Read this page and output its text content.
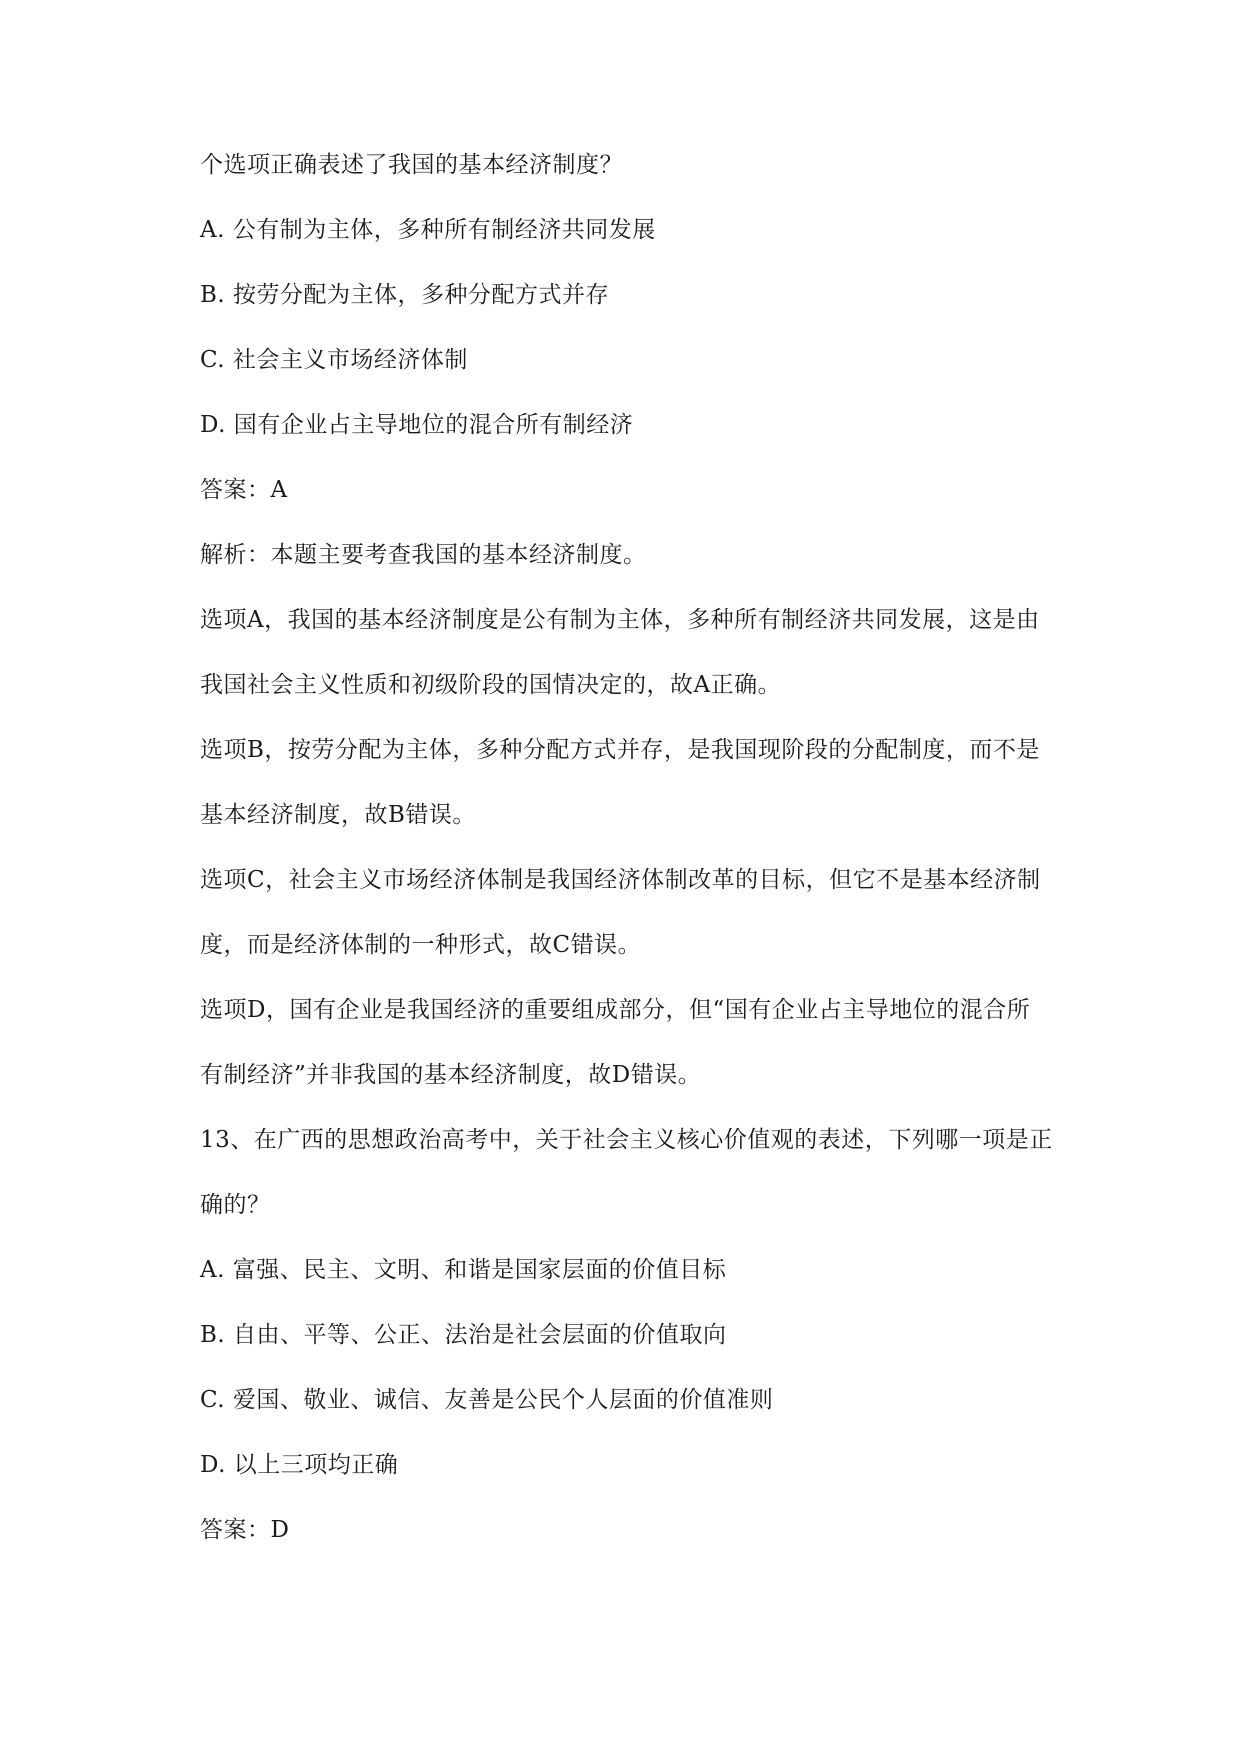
个选项正确表述了我国的基本经济制度？
A. 公有制为主体，多种所有制经济共同发展
B. 按劳分配为主体，多种分配方式并存
C. 社会主义市场经济体制
D. 国有企业占主导地位的混合所有制经济
答案：A
解析：本题主要考查我国的基本经济制度。
选项A，我国的基本经济制度是公有制为主体，多种所有制经济共同发展，这是由
我国社会主义性质和初级阶段的国情决定的，故A正确。
选项B，按劳分配为主体，多种分配方式并存，是我国现阶段的分配制度，而不是
基本经济制度，故B错误。
选项C，社会主义市场经济体制是我国经济体制改革的目标，但它不是基本经济制
度，而是经济体制的一种形式，故C错误。
选项D，国有企业是我国经济的重要组成部分，但“国有企业占主导地位的混合所
有制经济”并非我国的基本经济制度，故D错误。
13、在广西的思想政治高考中，关于社会主义核心价值观的表述，下列哪一项是正
确的？
A. 富强、民主、文明、和谐是国家层面的价值目标
B. 自由、平等、公正、法治是社会层面的价值取向
C. 爱国、敬业、诚信、友善是公民个人层面的价值准则
D. 以上三项均正确
答案：D
